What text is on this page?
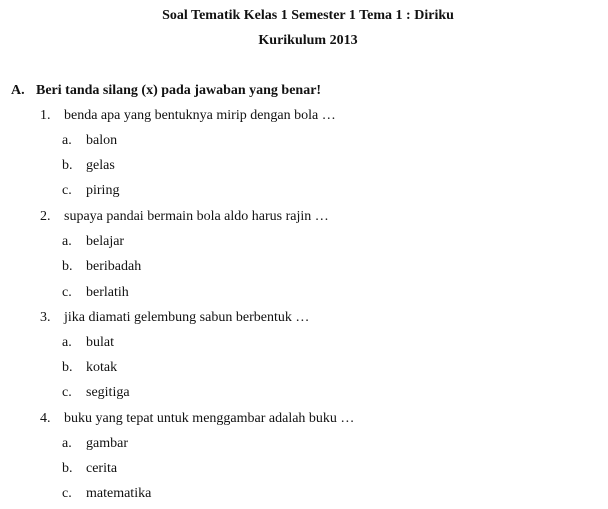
Soal Tematik Kelas 1 Semester 1 Tema 1 : Diriku
Kurikulum 2013
A. Beri tanda silang (x) pada jawaban yang benar!
1. benda apa yang bentuknya mirip dengan bola …
a. balon
b. gelas
c. piring
2. supaya pandai bermain bola aldo harus rajin …
a. belajar
b. beribadah
c. berlatih
3. jika diamati gelembung sabun berbentuk …
a. bulat
b. kotak
c. segitiga
4. buku yang tepat untuk menggambar adalah buku …
a. gambar
b. cerita
c. matematika
